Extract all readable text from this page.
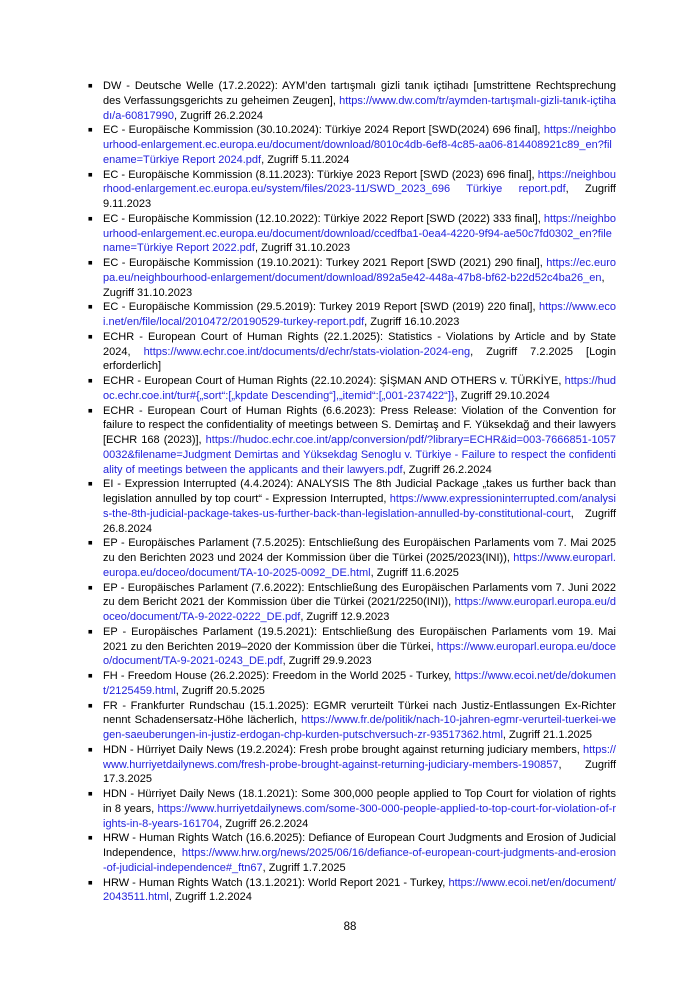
■ DW - Deutsche Welle (17.2.2022): AYM’den tartışmalı gizli tanık içtihadı [umstrittene Rechtsprechung des Verfassungsgerichts zu geheimen Zeugen], https://www.dw.com/tr/aymden-tartışmalı-gizli-tanık-içtihadı/a-60817990, Zugriff 26.2.2024
■ EC - Europäische Kommission (30.10.2024): Türkiye 2024 Report [SWD(2024) 696 final], https://neighbourhood-enlargement.ec.europa.eu/document/download/8010c4db-6ef8-4c85-aa06-814408921c89_en?filename=Türkiye Report 2024.pdf, Zugriff 5.11.2024
■ EC - Europäische Kommission (8.11.2023): Türkiye 2023 Report [SWD (2023) 696 final], https://neighbourhood-enlargement.ec.europa.eu/system/files/2023-11/SWD_2023_696 Türkiye report.pdf, Zugriff 9.11.2023
■ EC - Europäische Kommission (12.10.2022): Türkiye 2022 Report [SWD (2022) 333 final], https://neighbourhood-enlargement.ec.europa.eu/document/download/ccedfba1-0ea4-4220-9f94-ae50c7fd0302_en?filename=Türkiye Report 2022.pdf, Zugriff 31.10.2023
■ EC - Europäische Kommission (19.10.2021): Turkey 2021 Report [SWD (2021) 290 final], https://ec.europa.eu/neighbourhood-enlargement/document/download/892a5e42-448a-47b8-bf62-b22d52c4ba26_en, Zugriff 31.10.2023
■ EC - Europäische Kommission (29.5.2019): Turkey 2019 Report [SWD (2019) 220 final], https://www.ecoi.net/en/file/local/2010472/20190529-turkey-report.pdf, Zugriff 16.10.2023
■ ECHR - European Court of Human Rights (22.1.2025): Statistics - Violations by Article and by State 2024, https://www.echr.coe.int/documents/d/echr/stats-violation-2024-eng, Zugriff 7.2.2025 [Login erforderlich]
■ ECHR - European Court of Human Rights (22.10.2024): ŞİŞMAN AND OTHERS v. TÜRKİYE, https://hudoc.echr.coe.int/tur#{„sort“:[„kpdate Descending“],„itemid“:[„001-237422“]}, Zugriff 29.10.2024
■ ECHR - European Court of Human Rights (6.6.2023): Press Release: Violation of the Convention for failure to respect the confidentiality of meetings between S. Demirtaş and F. Yüksekdağ and their lawyers [ECHR 168 (2023)], https://hudoc.echr.coe.int/app/conversion/pdf/?library=ECHR&id=003-7666851-10570032&filename=Judgment Demirtas and Yüksekdag Senoglu v. Türkiye - Failure to respect the confidentiality of meetings between the applicants and their lawyers.pdf, Zugriff 26.2.2024
■ EI - Expression Interrupted (4.4.2024): ANALYSIS The 8th Judicial Package „takes us further back than legislation annulled by top court“ - Expression Interrupted, https://www.expressioninterrupted.com/analysis-the-8th-judicial-package-takes-us-further-back-than-legislation-annulled-by-constitutional-court, Zugriff 26.8.2024
■ EP - Europäisches Parlament (7.5.2025): Entschließung des Europäischen Parlaments vom 7. Mai 2025 zu den Berichten 2023 und 2024 der Kommission über die Türkei (2025/2023(INI)), https://www.europarl.europa.eu/doceo/document/TA-10-2025-0092_DE.html, Zugriff 11.6.2025
■ EP - Europäisches Parlament (7.6.2022): Entschließung des Europäischen Parlaments vom 7. Juni 2022 zu dem Bericht 2021 der Kommission über die Türkei (2021/2250(INI)), https://www.europarl.europa.eu/doceo/document/TA-9-2022-0222_DE.pdf, Zugriff 12.9.2023
■ EP - Europäisches Parlament (19.5.2021): Entschließung des Europäischen Parlaments vom 19. Mai 2021 zu den Berichten 2019–2020 der Kommission über die Türkei, https://www.europarl.europa.eu/doceo/document/TA-9-2021-0243_DE.pdf, Zugriff 29.9.2023
■ FH - Freedom House (26.2.2025): Freedom in the World 2025 - Turkey, https://www.ecoi.net/de/dokument/2125459.html, Zugriff 20.5.2025
■ FR - Frankfurter Rundschau (15.1.2025): EGMR verurteilt Türkei nach Justiz-Entlassungen Ex-Richter nennt Schadensersatz-Höhe lächerlich, https://www.fr.de/politik/nach-10-jahren-egmr-verurteil-tuerkei-wegen-saeuberungen-in-justiz-erdogan-chp-kurden-putschversuch-zr-93517362.html, Zugriff 21.1.2025
■ HDN - Hürriyet Daily News (19.2.2024): Fresh probe brought against returning judiciary members, https://www.hurriyetdailynews.com/fresh-probe-brought-against-returning-judiciary-members-190857, Zugriff 17.3.2025
■ HDN - Hürriyet Daily News (18.1.2021): Some 300,000 people applied to Top Court for violation of rights in 8 years, https://www.hurriyetdailynews.com/some-300-000-people-applied-to-top-court-for-violation-of-rights-in-8-years-161704, Zugriff 26.2.2024
■ HRW - Human Rights Watch (16.6.2025): Defiance of European Court Judgments and Erosion of Judicial Independence, https://www.hrw.org/news/2025/06/16/defiance-of-european-court-judgments-and-erosion-of-judicial-independence#_ftn67, Zugriff 1.7.2025
■ HRW - Human Rights Watch (13.1.2021): World Report 2021 - Turkey, https://www.ecoi.net/en/document/2043511.html, Zugriff 1.2.2024
88
